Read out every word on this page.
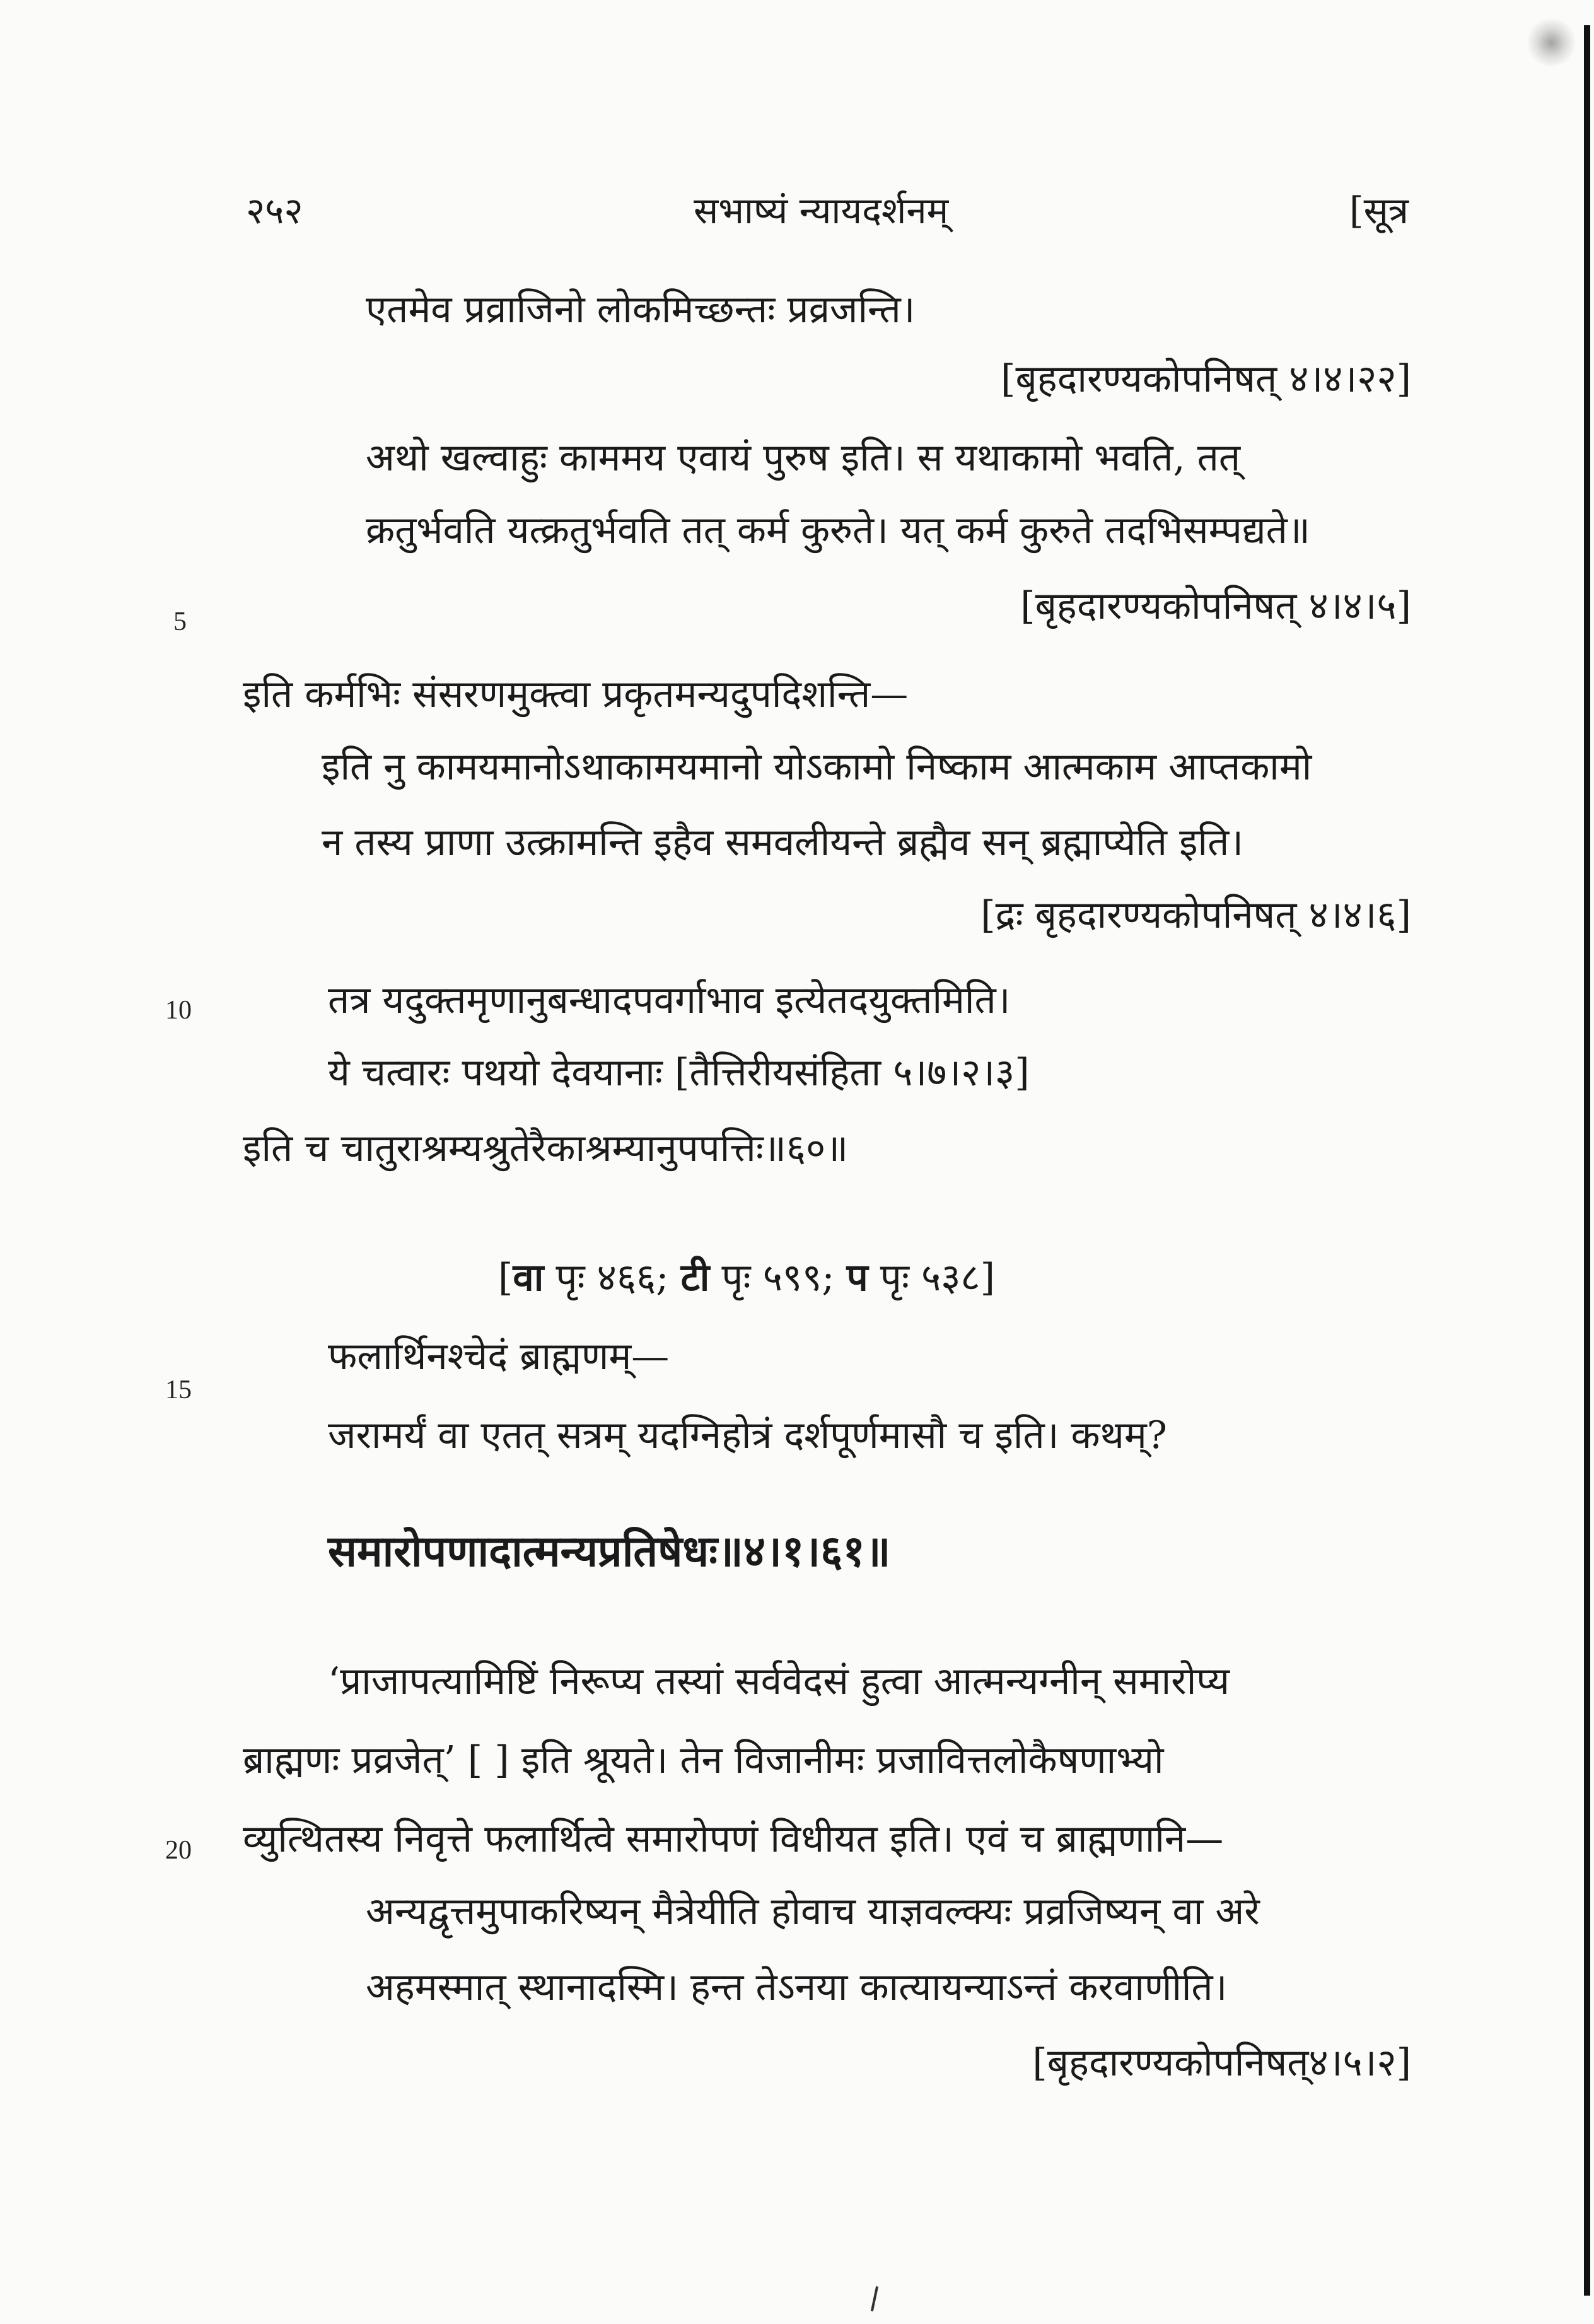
२५२	सभाष्यं न्यायदर्शनम्	[सूत्र
5
10
15
20
एतमेव प्रव्राजिनो लोकमिच्छन्तः प्रव्रजन्ति।
[बृहदारण्यकोपनिषत् ४।४।२२]
अथो खल्वाहुः काममय एवायं पुरुष इति। स यथाकामो भवति, तत्
क्रतुर्भवति यत्क्रतुर्भवति तत् कर्म कुरुते। यत् कर्म कुरुते तदभिसम्पद्यते॥
[बृहदारण्यकोपनिषत् ४।४।५]
इति कर्मभिः संसरणमुक्त्वा प्रकृतमन्यदुपदिशन्ति—
इति नु कामयमानोऽथाकामयमानो योऽकामो निष्काम आत्मकाम आप्तकामो
न तस्य प्राणा उत्क्रामन्ति इहैव समवलीयन्ते ब्रह्मैव सन् ब्रह्माप्येति इति।
[द्रः बृहदारण्यकोपनिषत् ४।४।६]
तत्र यदुक्तमृणानुबन्धादपवर्गाभाव इत्येतदयुक्तमिति।
ये चत्वारः पथयो देवयानाः [तैत्तिरीयसंहिता ५।७।२।३]
इति च चातुराश्रम्यश्रुतेरैकाश्रम्यानुपपत्तिः॥६०॥
[वा पृः ४६६; टी पृः ५९९; प पृः ५३८]
फलार्थिनश्चेदं ब्राह्मणम्—
जरामर्यं वा एतत् सत्रम् यदग्निहोत्रं दर्शपूर्णमासौ च इति। कथम्?
समारोपणादात्मन्यप्रतिषेधः॥४।१।६१॥
‘प्राजापत्यामिष्टिं निरूप्य तस्यां सर्ववेदसं हुत्वा आत्मन्यग्नीन् समारोप्य
ब्राह्मणः प्रव्रजेत्’ [ ] इति श्रूयते। तेन विजानीमः प्रजावित्तलोकैषणाभ्यो
व्युत्थितस्य निवृत्ते फलार्थित्वे समारोपणं विधीयत इति। एवं च ब्राह्मणानि—
अन्यद्वृत्तमुपाकरिष्यन् मैत्रेयीति होवाच याज्ञवल्क्यः प्रव्रजिष्यन् वा अरे
अहमस्मात् स्थानादस्मि। हन्त तेऽनया कात्यायन्याऽन्तं करवाणीति।
[बृहदारण्यकोपनिषत्४।५।२]
